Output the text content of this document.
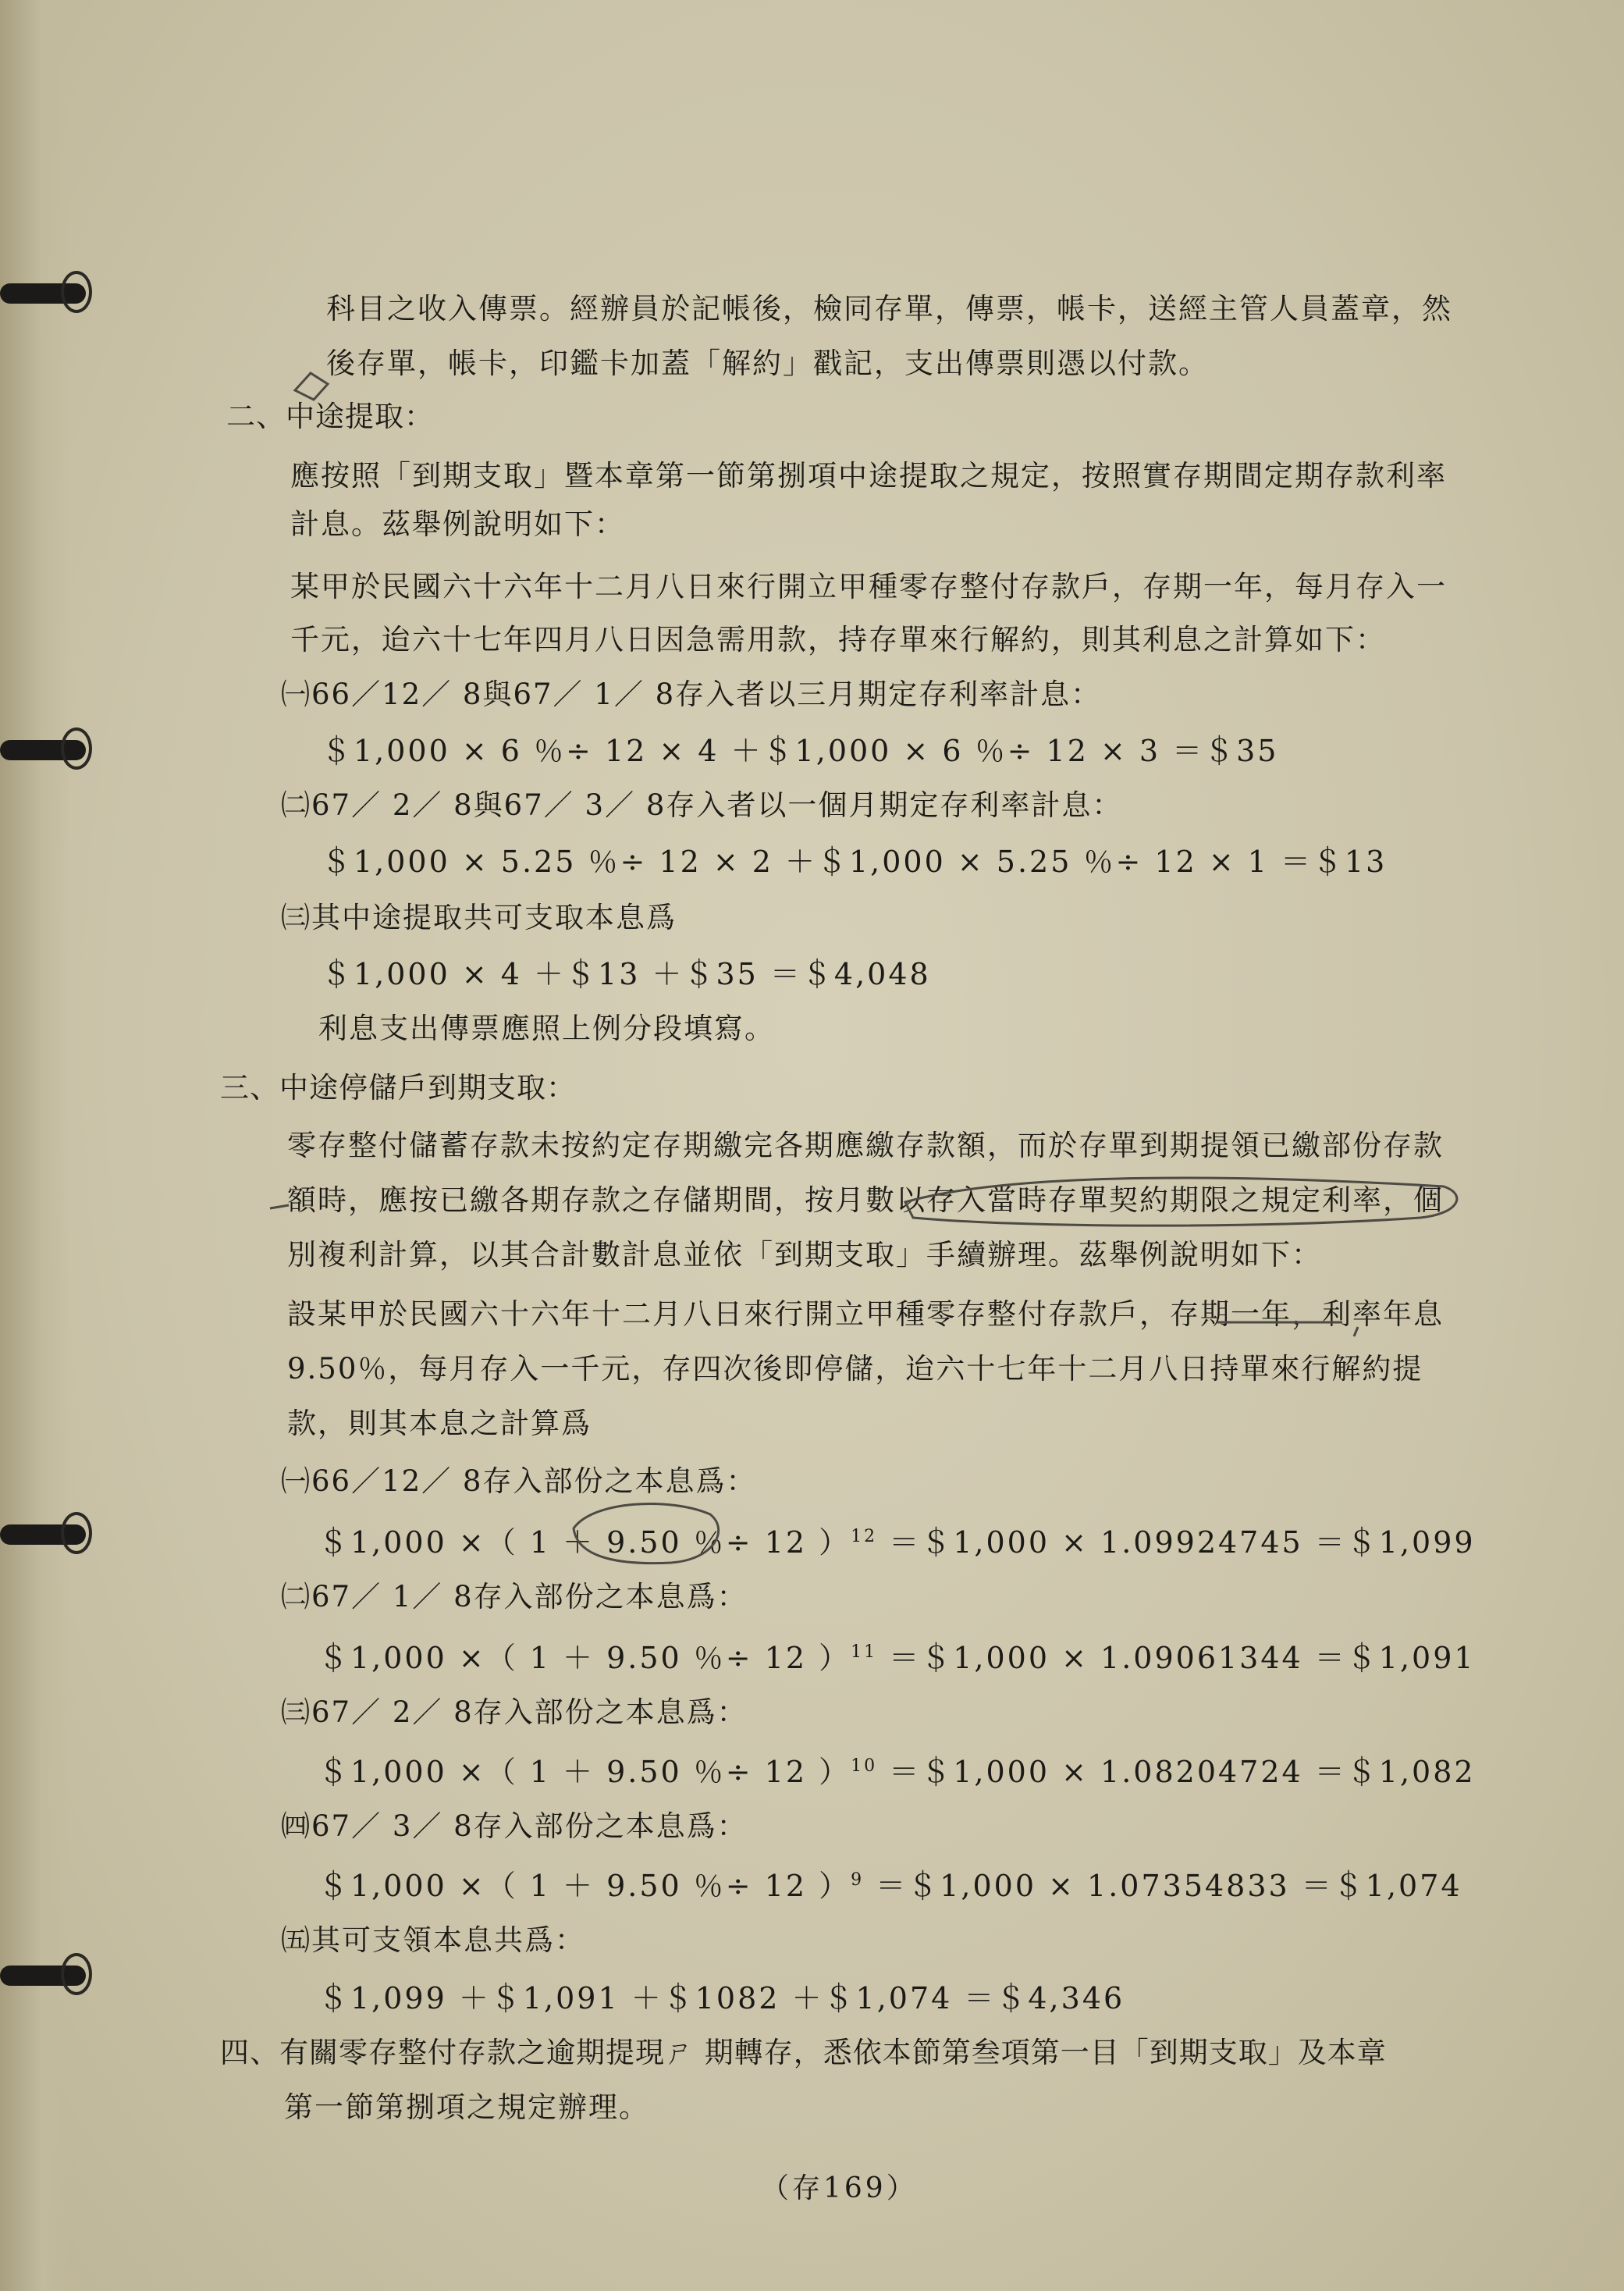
科目之收入傳票。經辦員於記帳後，檢同存單，傳票，帳卡，送經主管人員蓋章，然
後存單，帳卡，印鑑卡加蓋「解約」戳記，支出傳票則憑以付款。
二、中途提取：
應按照「到期支取」暨本章第一節第捌項中途提取之規定，按照實存期間定期存款利率
計息。茲舉例說明如下：
某甲於民國六十六年十二月八日來行開立甲種零存整付存款戶，存期一年，每月存入一
千元，迨六十七年四月八日因急需用款，持存單來行解約，則其利息之計算如下：
㈠66／12／ 8與67／ 1／ 8存入者以三月期定存利率計息：
＄1,000 × 6 ％÷ 12 × 4 ＋＄1,000 × 6 ％÷ 12 × 3 ＝＄35
㈡67／ 2／ 8與67／ 3／ 8存入者以一個月期定存利率計息：
＄1,000 × 5.25 ％÷ 12 × 2 ＋＄1,000 × 5.25 ％÷ 12 × 1 ＝＄13
㈢其中途提取共可支取本息爲
＄1,000 × 4 ＋＄13 ＋＄35 ＝＄4,048
利息支出傳票應照上例分段填寫。
三、中途停儲戶到期支取：
零存整付儲蓄存款未按約定存期繳完各期應繳存款額，而於存單到期提領已繳部份存款
額時，應按已繳各期存款之存儲期間，按月數以存入當時存單契約期限之規定利率，個
別複利計算，以其合計數計息並依「到期支取」手續辦理。茲舉例說明如下：
設某甲於民國六十六年十二月八日來行開立甲種零存整付存款戶，存期一年，利率年息
9.50％，每月存入一千元，存四次後即停儲，迨六十七年十二月八日持單來行解約提
款，則其本息之計算爲
㈠66／12／ 8存入部份之本息爲：
＄1,000 ×（ 1 ＋ 9.50 ％÷ 12 ）$^{12}$ ＝＄1,000 × 1.09924745 ＝＄1,099
㈡67／ 1／ 8存入部份之本息爲：
＄1,000 ×（ 1 ＋ 9.50 ％÷ 12 ）$^{11}$ ＝＄1,000 × 1.09061344 ＝＄1,091
㈢67／ 2／ 8存入部份之本息爲：
＄1,000 ×（ 1 ＋ 9.50 ％÷ 12 ）$^{10}$ ＝＄1,000 × 1.08204724 ＝＄1,082
㈣67／ 3／ 8存入部份之本息爲：
＄1,000 ×（ 1 ＋ 9.50 ％÷ 12 ）$^9$ ＝＄1,000 × 1.07354833 ＝＄1,074
㈤其可支領本息共爲：
＄1,099 ＋＄1,091 ＋＄1082 ＋＄1,074 ＝＄4,346
四、有關零存整付存款之逾期提現ㄕ 期轉存，悉依本節第叁項第一目「到期支取」及本章
第一節第捌項之規定辦理。
（存169）
